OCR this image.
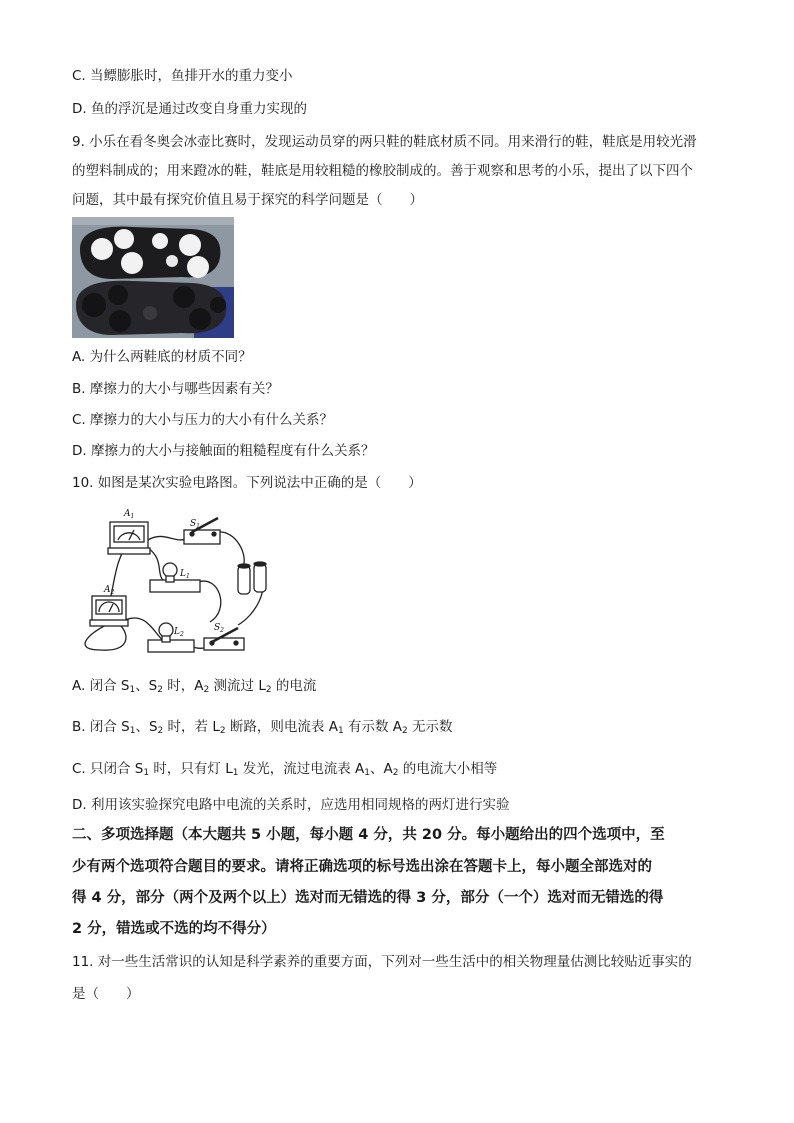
C. 当鳔膨胀时，鱼排开水的重力变小
D. 鱼的浮沉是通过改变自身重力实现的
9. 小乐在看冬奥会冰壶比赛时，发现运动员穿的两只鞋的鞋底材质不同。用来滑行的鞋，鞋底是用较光滑
的塑料制成的；用来蹬冰的鞋，鞋底是用较粗糙的橡胶制成的。善于观察和思考的小乐，提出了以下四个
问题，其中最有探究价值且易于探究的科学问题是（　　）
A. 为什么两鞋底的材质不同？
B. 摩擦力的大小与哪些因素有关？
C. 摩擦力的大小与压力的大小有什么关系？
D. 摩擦力的大小与接触面的粗糙程度有什么关系？
10. 如图是某次实验电路图。下列说法中正确的是（　　）
$A_1$
$S_1$
$L_1$
$A_2$
$L_2$
$S_2$
A. 闭合 $S_1$、$S_2$ 时，$A_2$ 测流过 $L_2$ 的电流
B. 闭合 $S_1$、$S_2$ 时，若 $L_2$ 断路，则电流表 $A_1$ 有示数 $A_2$ 无示数
C. 只闭合 $S_1$ 时，只有灯 $L_1$ 发光，流过电流表 $A_1$、$A_2$ 的电流大小相等
D. 利用该实验探究电路中电流的关系时，应选用相同规格的两灯进行实验
二、多项选择题（本大题共 5 小题，每小题 4 分，共 20 分。每小题给出的四个选项中，至
少有两个选项符合题目的要求。请将正确选项的标号选出涂在答题卡上，每小题全部选对的
得 4 分，部分（两个及两个以上）选对而无错选的得 3 分，部分（一个）选对而无错选的得
2 分，错选或不选的均不得分）
11. 对一些生活常识的认知是科学素养的重要方面，下列对一些生活中的相关物理量估测比较贴近事实的
是（　　）
